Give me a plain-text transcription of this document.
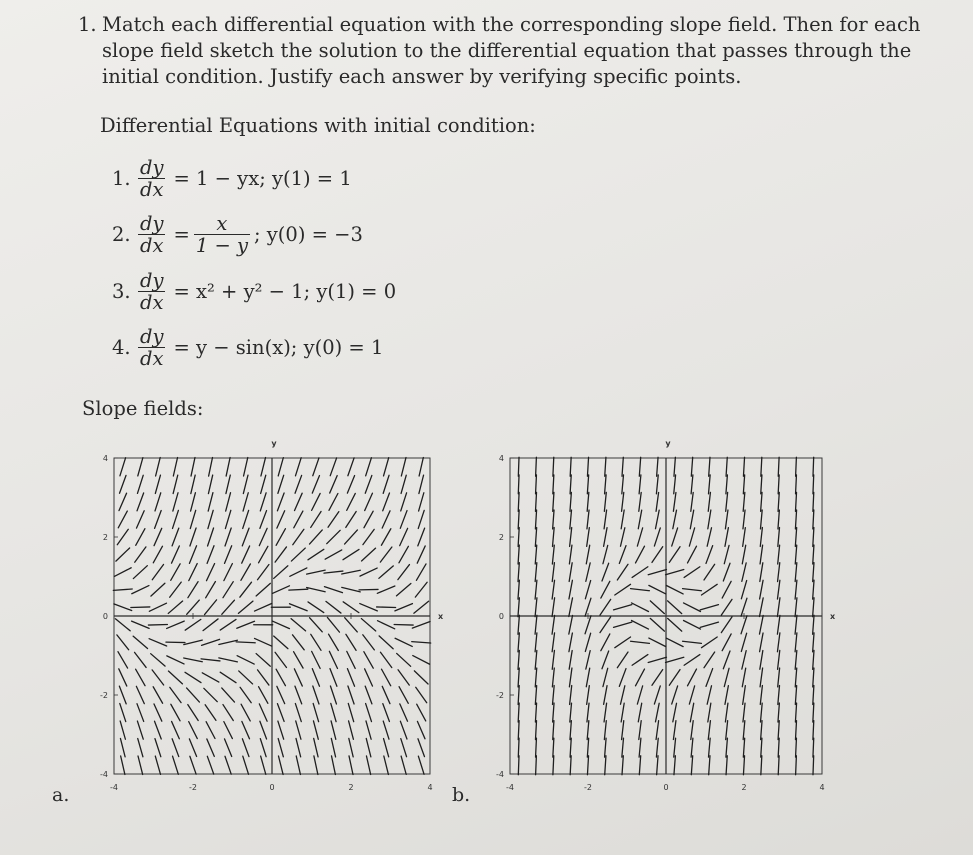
1. Match each differential equation with the corresponding slope field. Then for each slope field sketch the solution to the differential equation that passes through the initial condition. Justify each answer by verifying specific points.
Differential Equations with initial condition:
1. $\frac{dy}{dx} = 1$ − yx; y(1) = 1
2. $\frac{dy}{dx} = \frac{x}{1 - y}$ ; y(0) = −3
3. $\frac{dy}{dx} = x^2 + y^2 - 1$; y(1) = 0
4. $\frac{dy}{dx} = y - \sin(x)$; y(0) = 1
Slope fields:
-4	-2	0	2	4
4
2
0
-2
-4
x
y
a.	-4	-2	0	2	4
4
2
0
-2
-4
x
y
b.
